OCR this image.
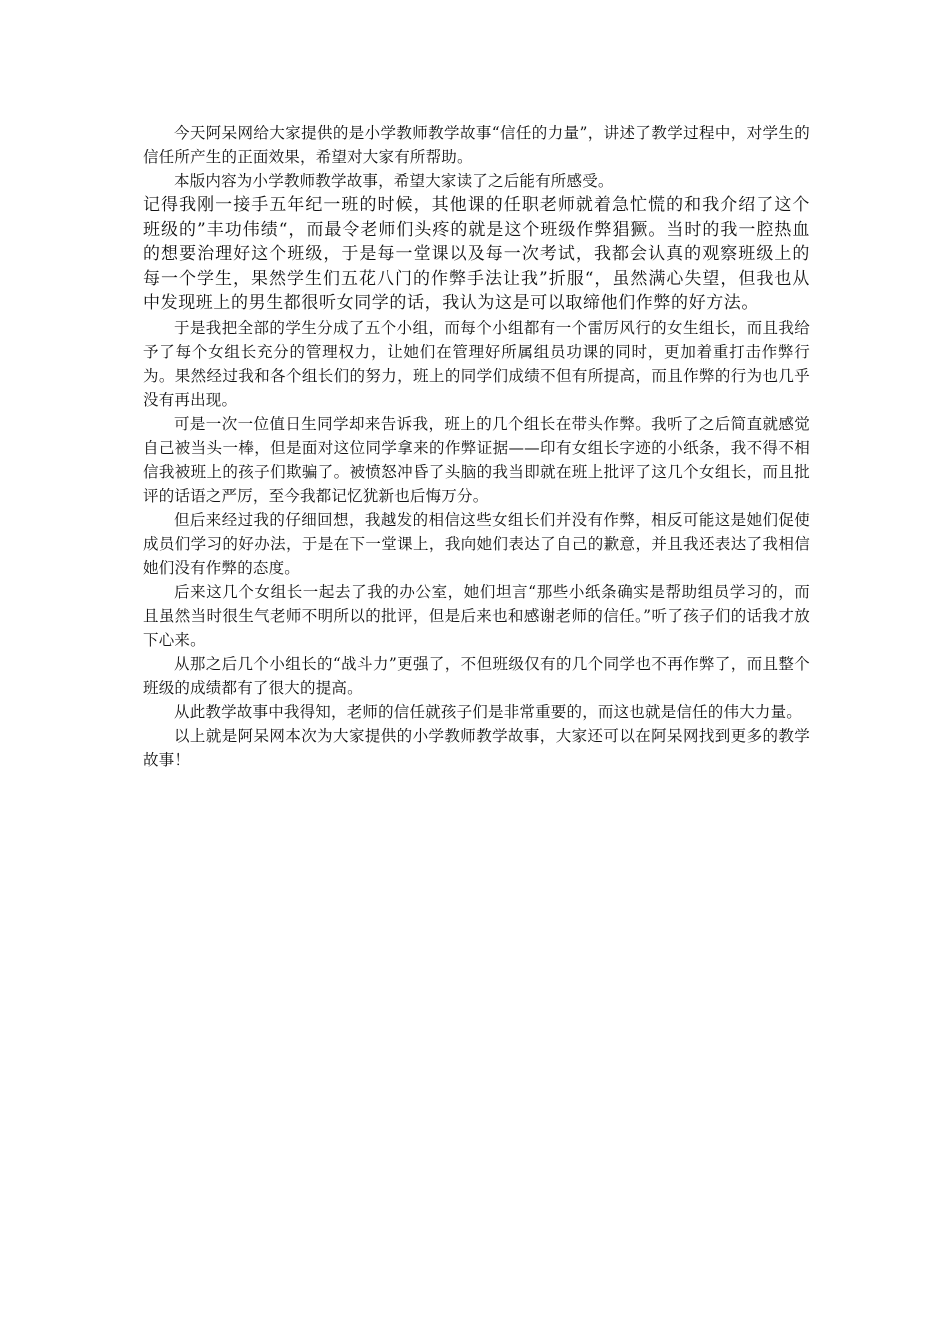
今天阿呆网给大家提供的是小学教师教学故事“信任的力量”，讲述了教学过程中，对学生的信任所产生的正面效果，希望对大家有所帮助。

本版内容为小学教师教学故事，希望大家读了之后能有所感受。

记得我刚一接手五年纪一班的时候，其他课的任职老师就着急忙慌的和我介绍了这个班级的”丰功伟绩“，而最令老师们头疼的就是这个班级作弊猖獗。当时的我一腔热血的想要治理好这个班级，于是每一堂课以及每一次考试，我都会认真的观察班级上的每一个学生，果然学生们五花八门的作弊手法让我”折服“，虽然满心失望，但我也从中发现班上的男生都很听女同学的话，我认为这是可以取缔他们作弊的好方法。

于是我把全部的学生分成了五个小组，而每个小组都有一个雷厉风行的女生组长，而且我给予了每个女组长充分的管理权力，让她们在管理好所属组员功课的同时，更加着重打击作弊行为。果然经过我和各个组长们的努力，班上的同学们成绩不但有所提高，而且作弊的行为也几乎没有再出现。

可是一次一位值日生同学却来告诉我，班上的几个组长在带头作弊。我听了之后简直就感觉自己被当头一棒，但是面对这位同学拿来的作弊证据——印有女组长字迹的小纸条，我不得不相信我被班上的孩子们欺骗了。被愤怒冲昏了头脑的我当即就在班上批评了这几个女组长，而且批评的话语之严厉，至今我都记忆犹新也后悔万分。

但后来经过我的仔细回想，我越发的相信这些女组长们并没有作弊，相反可能这是她们促使成员们学习的好办法，于是在下一堂课上，我向她们表达了自己的歉意，并且我还表达了我相信她们没有作弊的态度。

后来这几个女组长一起去了我的办公室，她们坦言“那些小纸条确实是帮助组员学习的，而且虽然当时很生气老师不明所以的批评，但是后来也和感谢老师的信任。”听了孩子们的话我才放下心来。

从那之后几个小组长的“战斗力”更强了，不但班级仅有的几个同学也不再作弊了，而且整个班级的成绩都有了很大的提高。

从此教学故事中我得知，老师的信任就孩子们是非常重要的，而这也就是信任的伟大力量。

以上就是阿呆网本次为大家提供的小学教师教学故事，大家还可以在阿呆网找到更多的教学故事！
